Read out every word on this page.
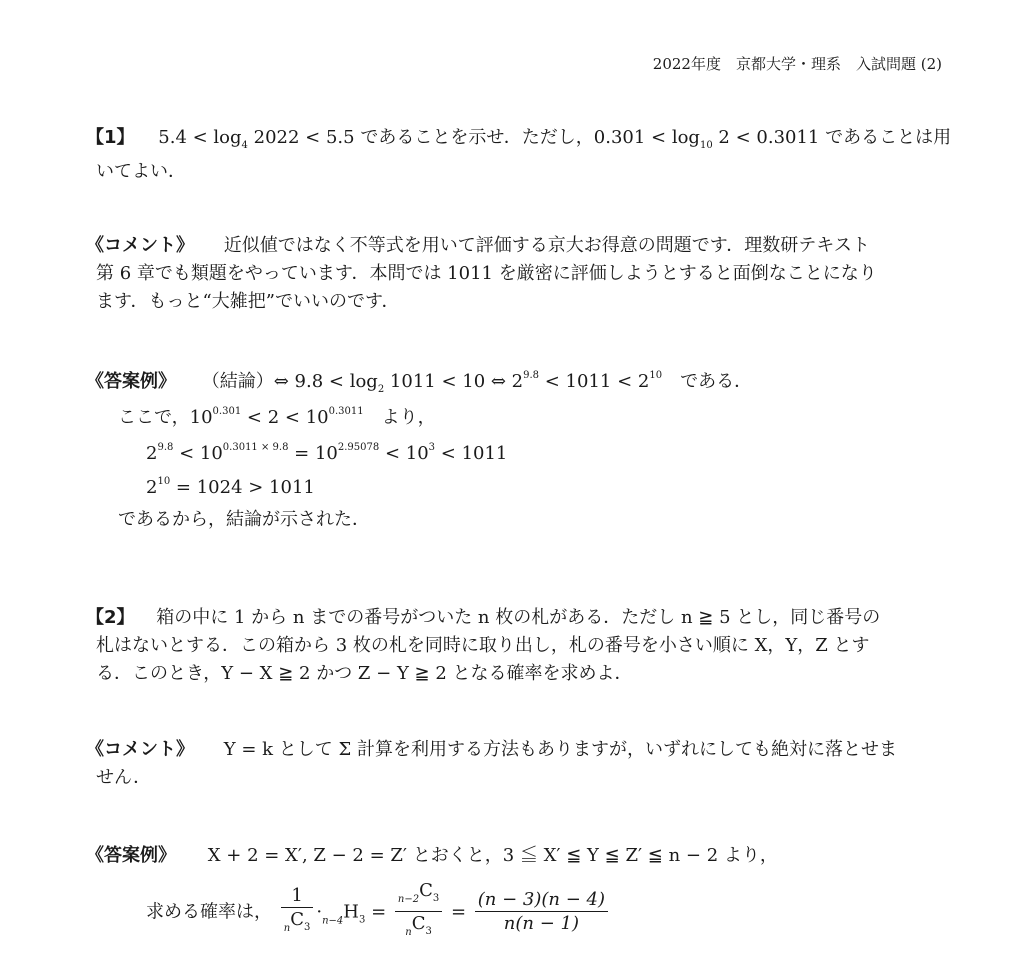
2022年度　京都大学・理系　入試問題 (2)
【1】 $5.4 < \log_4 2022 < 5.5$ であることを示せ．ただし，$0.301 < \log_{10} 2 < 0.3011$ であることは用
いてよい．
《コメント》 近似値ではなく不等式を用いて評価する京大お得意の問題です．理数研テキスト
第 6 章でも類題をやっています．本問では 1011 を厳密に評価しようとすると面倒なことになり
ます．もっと“大雑把”でいいのです．
《答案例》 （結論）⇔ $9.8 < \log_2 1011 < 10$ ⇔ $2^{9.8} < 1011 < 2^{10}$　である．
ここで，$10^{0.301} < 2 < 10^{0.3011}$　より，
$2^{9.8} < 10^{0.3011 \times 9.8} = 10^{2.95078} < 10^3 < 1011$
$2^{10} = 1024 > 1011$
であるから，結論が示された．
【2】 箱の中に 1 から n までの番号がついた n 枚の札がある．ただし n ≧ 5 とし，同じ番号の
札はないとする．この箱から 3 枚の札を同時に取り出し，札の番号を小さい順に X，Y，Z とす
る．このとき，Y − X ≧ 2 かつ Z − Y ≧ 2 となる確率を求めよ．
《コメント》 Y = k として Σ 計算を利用する方法もありますが，いずれにしても絶対に落とせま
せん．
《答案例》 X + 2 = X′, Z − 2 = Z′ とおくと，3 ≦ X′ ≦ Y ≦ Z′ ≦ n − 2 より，
求める確率は， $\frac{1}{_nC_3} \cdot_{n-4}H_3 = \frac{_{n-2}C_3}{_nC_3} = \frac{(n - 3)(n - 4)}{n(n - 1)}$
